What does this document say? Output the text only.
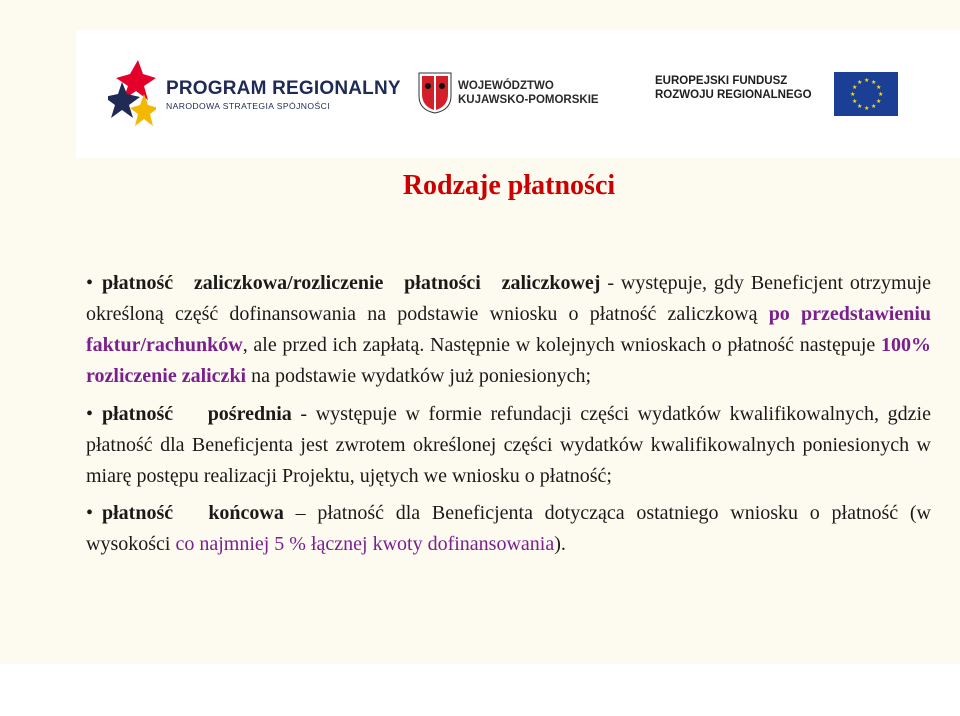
PROGRAM REGIONALNY
NARODOWA STRATEGIA SPÓJNOŚCI
WOJEWÓDZTWO
KUJAWSKO-POMORSKIE
EUROPEJSKI FUNDUSZ
ROZWOJU REGIONALNEGO
★ ★
★
★
★
★
★
★
★
★
★
★
Rodzaje płatności
• płatność zaliczkowa/rozliczenie płatności zaliczkowej - występuje, gdy Beneficjent otrzymuje określoną część dofinansowania na podstawie wniosku o płatność zaliczkową po przedstawieniu faktur/rachunków, ale przed ich zapłatą. Następnie w kolejnych wnioskach o płatność następuje 100% rozliczenie zaliczki na podstawie wydatków już poniesionych;
• płatność pośrednia - występuje w formie refundacji części wydatków kwalifikowalnych, gdzie płatność dla Beneficjenta jest zwrotem określonej części wydatków kwalifikowalnych poniesionych w miarę postępu realizacji Projektu, ujętych we wniosku o płatność;
• płatność końcowa – płatność dla Beneficjenta dotycząca ostatniego wniosku o płatność (w wysokości co najmniej 5 % łącznej kwoty dofinansowania).
06	Departament Wdrażania RPO
